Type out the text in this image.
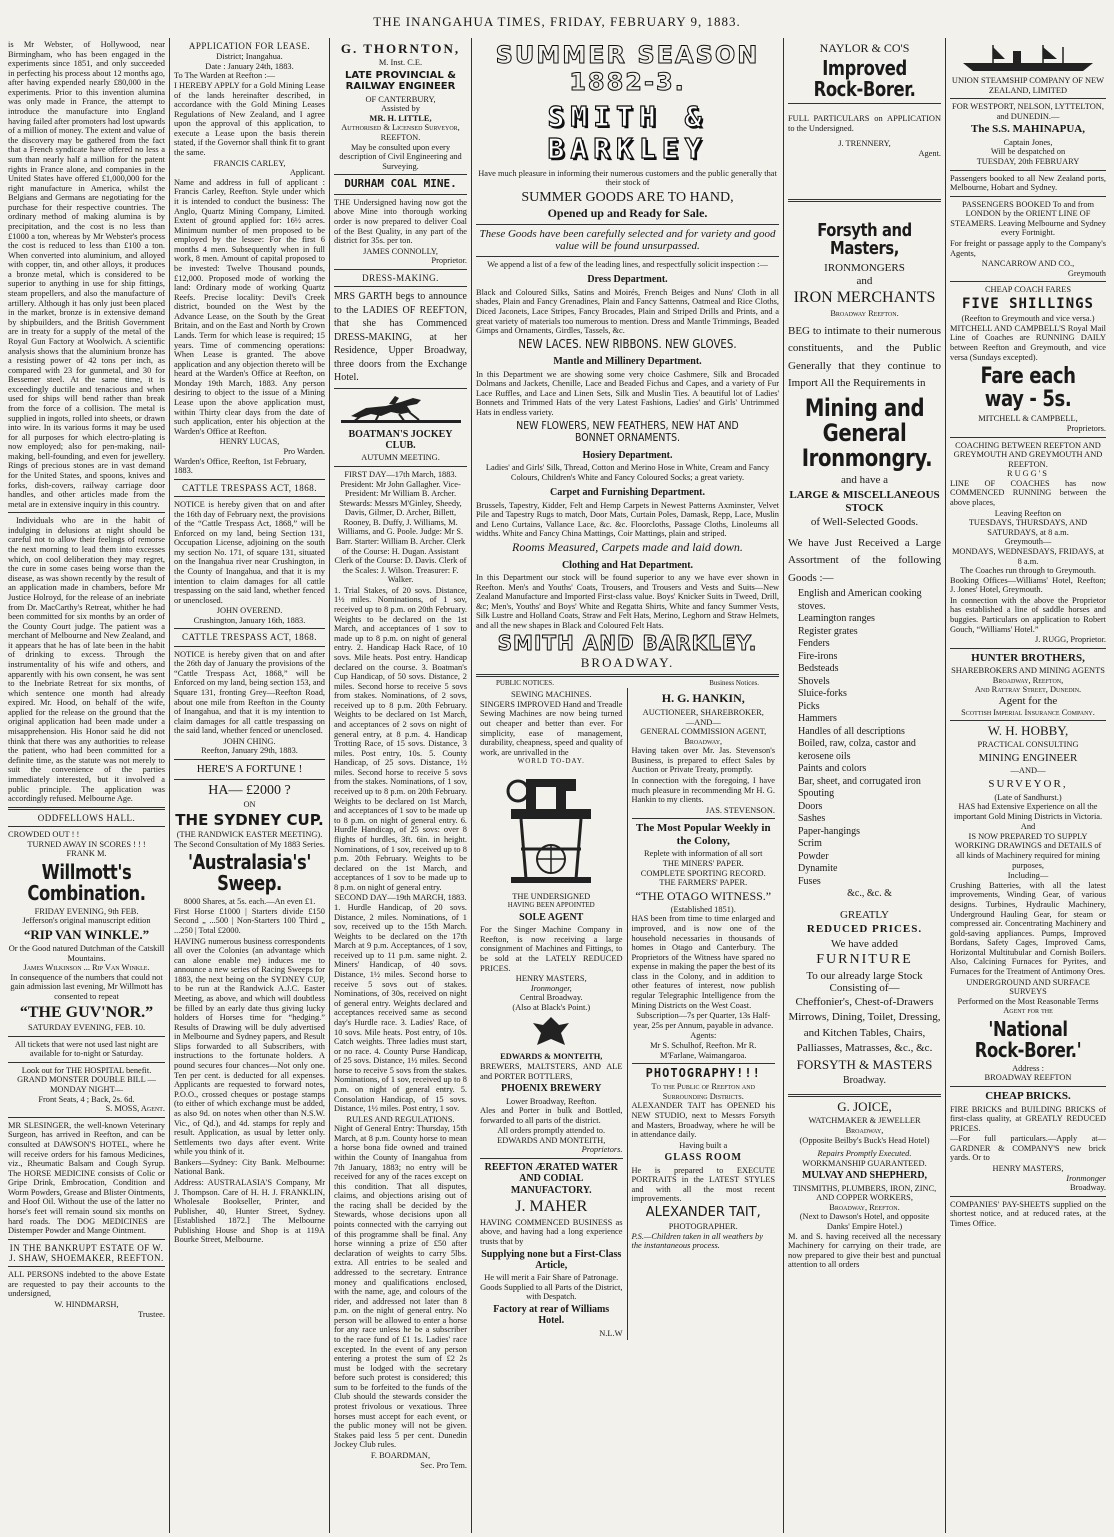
THE INANGAHUA TIMES, FRIDAY, FEBRUARY 9, 1883.

is Mr Webster, of Hollywood, near Birmingham, who has been engaged in the experiments since 1851, and only succeeded in perfecting his process about 12 months ago, after having expended nearly £80,000 in the experiments. Prior to this invention alumina was only made in France, the attempt to introduce the manufacture into England having failed after promoters had lost upwards of a million of money. The extent and value of the discovery may be gathered from the fact that a French syndicate have offered no less a sum than nearly half a million for the patent rights in France alone, and companies in the United States have offered £1,000,000 for the right manufacture in America, whilst the Belgians and Germans are negotiating for the purchase for their respective countries. The ordinary method of making alumina is by precipitation, and the cost is no less than £1000 a ton, whereas by Mr Webster's process the cost is reduced to less than £100 a ton. When converted into aluminium, and alloyed with copper, tin, and other alloys, it produces a bronze metal, which is considered to be superior to anything in use for ship fittings, steam propellers, and also the manufacture of artillery. Although it has only just been placed in the market, bronze is in extensive demand by shipbuilders, and the British Government are in treaty for a supply of the metal of the Royal Gun Factory at Woolwich. A scientific analysis shows that the aluminium bronze has a resisting power of 42 tons per inch, as compared with 23 for gunmetal, and 30 for Bessemer steel. At the same time, it is exceedingly ductile and tenacious and when used for ships will bend rather than break from the force of a collision. The metal is supplied in ingots, rolled into sheets, or drawn into wire. In its various forms it may be used for all purposes for which electro-plating is now employed; also for pen-making, nail-making, bell-founding, and even for jewellery. Rings of precious stones are in vast demand for the United States, and spoons, knives and forks, dish-covers, railway carriage door handles, and other articles made from the metal are in extensive inquiry in this country.

Individuals who are in the habit of indulging in delusions at night should be careful not to allow their feelings of remorse the next morning to lead them into excesses which, on cool deliberation they may regret, the cure in some cases being worse than the disease, as was shown recently by the result of an application made in chambers, before Mr Justice Holroyd, for the release of an inebriate from Dr. MacCarthy's Retreat, whither he had been committed for six months by an order of the County Court judge. The patient was a merchant of Melbourne and New Zealand, and it appears that he has of late been in the habit of drinking to excess. Through the instrumentality of his wife and others, and apparently with his own consent, he was sent to the Inebriate Retreat for six months, of which sentence one month had already expired. Mr. Hood, on behalf of the wife, applied for the release on the ground that the original application had been made under a misapprehension. His Honor said he did not think that there was any authorities to release the patient, who had been committed for a definite time, as the statute was not merely to suit the convenience of the parties immediately interested, but it involved a public principle. The application was accordingly refused. Melbourne Age.

ODDFELLOWS HALL.
CROWDED OUT ! !
TURNED AWAY IN SCORES ! ! !
FRANK M.
Willmott's Combination.
FRIDAY EVENING, 9th FEB.
Jefferson's original manuscript edition
“RIP VAN WINKLE.”
Or the Good natured Dutchman of the Catskill Mountains.
James Wilkinson ... Rip Van Winkle.

In consequence of the numbers that could not gain admission last evening, Mr Willmott has consented to repeat

“THE GUV'NOR.”
SATURDAY EVENING, FEB. 10.

All tickets that were not used last night are available for to-night or Saturday.

Look out for THE HOSPITAL benefit.
GRAND MONSTER DOUBLE BILL —MONDAY NIGHT—
Front Seats, 4 ; Back, 2s. 6d.
S. MOSS, Agent.

MR SLESINGER, the well-known Veterinary Surgeon, has arrived in Reefton, and can be consulted at DAWSON'S HOTEL, where he will receive orders for his famous Medicines, viz., Rheumatic Balsam and Cough Syrup. The HORSE MEDICINE consists of Colic or Gripe Drink, Embrocation, Condition and Worm Powders, Grease and Blister Ointments, and Hoof Oil. Without the use of the latter no horse's feet will remain sound six months on hard roads. The DOG MEDICINES are Distemper Powder and Mange Ointment.

IN THE BANKRUPT ESTATE OF W. J. SHAW, SHOEMAKER, REEFTON.

ALL PERSONS indebted to the above Estate are requested to pay their accounts to the undersigned,

W. HINDMARSH,
Trustee.
APPLICATION FOR LEASE.
District; Inangahua.
Date : January 24th, 1883.
To The Warden at Reefton :—

I HEREBY APPLY for a Gold Mining Lease of the lands hereinafter described, in accordance with the Gold Mining Leases Regulations of New Zealand, and I agree upon the approval of this application, to execute a Lease upon the basis therein stated, if the Governor shall think fit to grant the same.

FRANCIS CARLEY,
Applicant.

Name and address in full of applicant : Francis Carley, Reefton. Style under which it is intended to conduct the business: The Anglo, Quartz Mining Company, Limited. Extent of ground applied for: 16½ acres. Minimum number of men proposed to be employed by the lessee: For the first 6 months 4 men. Subsequently when in full work, 8 men. Amount of capital proposed to be invested: Twelve Thousand pounds, £12,000. Proposed mode of working the land: Ordinary mode of working Quartz Reefs. Precise locality: Devil's Creek district, bounded on the West by the Advance Lease, on the South by the Great Britain, and on the East and North by Crown Lands. Term for which lease is required; 15 years. Time of commencing operations: When Lease is granted. The above application and any objection thereto will be heard at the Warden's Office at Reefton, on Monday 19th March, 1883. Any person desiring to object to the issue of a Mining Lease upon the above application must, within Thirty clear days from the date of such application, enter his objection at the Warden's Office at Reefton.

HENRY LUCAS,
Pro Warden.
Warden's Office, Reefton, 1st February, 1883.
CATTLE TRESPASS ACT, 1868.

NOTICE is hereby given that on and after the 16th day of February next, the provisions of the “Cattle Trespass Act, 1868,” will be Enforced on my land, being Section 131, Occupation License, adjoining on the south my section No. 171, of square 131, situated on the Inangahua river near Crushington, in the County of Inangahua, and that it is my intention to claim damages for all cattle trespassing on the said land, whether fenced or unenclosed.

JOHN OVEREND.
Crushington, January 16th, 1883.
CATTLE TRESPASS ACT, 1868.

NOTICE is hereby given that on and after the 26th day of January the provisions of the “Cattle Trespass Act, 1868,” will be Enforced on my land, being section 153, and Square 131, fronting Grey—Reefton Road, about one mile from Reefton in the County of Inangahua, and that it is my intention to claim damages for all cattle trespassing on the said land, whether fenced or unenclosed.

JOHN CHING.
Reefton, January 29th, 1883.
HERE'S A FORTUNE !
HA— £2000 ?
ON
THE SYDNEY CUP.
(THE RANDWICK EASTER MEETING).
The Second Consultation of My 1883 Series.
'Australasia's' Sweep.
8000 Shares, at 5s. each.—An even £1.

First Horse £1000 | Starters divide £150 Second „ ...500 | Non-Starters 100 Third „ ...250 | Total £2000.

HAVING numerous business correspondents all over the Colonies (an advantage which can alone enable me) induces me to announce a new series of Racing Sweeps for 1883, the next being on the SYDNEY CUP, to be run at the Randwick A.J.C. Easter Meeting, as above, and which will doubtless be filled by an early date thus giving lucky holders of Horses time for “hedging.” Results of Drawing will be duly advertised in Melbourne and Sydney papers, and Result Slips forwarded to all Subscribers, with instructions to the fortunate holders. A pound secures four chances—Not only one. Ten per cent. is deducted for all expenses. Applicants are requested to forward notes, P.O.O., crossed cheques or postage stamps (to either of which exchange must be added, as also 9d. on notes when other than N.S.W. Vic., of Qd.), and 4d. stamps for reply and result. Application, as usual by letter only. Settlements two days after event. Write while you think of it.

Bankers—Sydney: City Bank. Melbourne: National Bank.

Address: AUSTRALASIA'S Company, Mr J. Thompson. Care of H. H. J. FRANKLIN, Wholesale Bookseller, Printer, and Publisher, 40, Hunter Street, Sydney. [Established 1872.] The Melbourne Publishing House and Shop is at 119A Bourke Street, Melbourne.

G. THORNTON,
M. Inst. C.E.
LATE PROVINCIAL & RAILWAY ENGINEER
OF CANTERBURY,
Assisted by
MR. H. LITTLE,
Authorised & Licensed Surveyor,
REEFTON.

May be consulted upon every description of Civil Engineering and Surveying.

DURHAM COAL MINE.

THE Undersigned having now got the above Mine into thorough working order is now prepared to deliver Coal of the Best Quality, in any part of the district for 35s. per ton.

JAMES CONNOLLY,
Proprietor.
DRESS-MAKING.

MRS GARTH begs to announce to the LADIES OF REEFTON, that she has Commenced DRESS-MAKING, at her Residence, Upper Broadway, three doors from the Exchange Hotel.

BOATMAN'S JOCKEY CLUB.
AUTUMN MEETING.
FIRST DAY—17th March, 1883.

President: Mr John Gallagher. Vice-President: Mr William B. Archer. Stewards: Messrs M'Ginley, Sheedy, Davis, Gilmer, D. Archer, Billett, Rooney, B. Duffy, J. Williams, M. Williams, and G. Poole. Judge: Mr S. Barr. Starter: William B. Archer. Clerk of the Course: H. Dugan. Assistant Clerk of the Course: D. Davis. Clerk of the Scales: J. Wilson. Treasurer: F. Walker.

1. Trial Stakes, of 20 sovs. Distance, 1½ miles. Nominations, of 1 sov, received up to 8 p.m. on 20th February. Weights to be declared on the 1st March, and acceptances of 1 sov to made up to 8 p.m. on night of general entry. 2. Handicap Hack Race, of 10 sovs. Mile heats. Post entry. Handicap declared on the course. 3. Boatman's Cup Handicap, of 50 sovs. Distance, 2 miles. Second horse to receive 5 sovs from stakes. Nominations, of 2 sovs, received up to 8 p.m. 20th February. Weights to be declared on 1st March, and acceptances of 2 sovs on night of general entry, at 8 p.m. 4. Handicap Trotting Race, of 15 sovs. Distance, 3 miles. Post entry, 10s. 5. County Handicap, of 25 sovs. Distance, 1½ miles. Second horse to receive 5 sovs from the stakes. Nominations, of 1 sov, received up to 8 p.m. on 20th February. Weights to be declared on 1st March, and acceptances of 1 sov to be made up to 8 p.m. on night of general entry. 6. Hurdle Handicap, of 25 sovs: over 8 flights of hurdles, 3ft. 6in. in height. Nominations, of 1 sov, received up to 8 p.m. 20th February. Weights to be declared on the 1st March, and acceptances of 1 sov to be made up to 8 p.m. on night of general entry.

SECOND DAY—19th MARCH, 1883.

1. Hurdle Handicap, of 20 sovs. Distance, 2 miles. Nominations, of 1 sov, received up to the 15th March. Weights to be declared on the 17th March at 9 p.m. Acceptances, of 1 sov, received up to 11 p.m. same night. 2. Miners' Handicap, of 40 sovs. Distance, 1½ miles. Second horse to receive 5 sovs out of stakes. Nominations, of 30s, received on night of general entry. Weights declared and acceptances received same as second day's Hurdle race. 3. Ladies' Race, of 10 sovs. Mile heats. Post entry, of 10s. Catch weights. Three ladies must start, or no race. 4. County Purse Handicap, of 25 sovs. Distance, 1½ miles. Second horse to receive 5 sovs from the stakes. Nominations, of 1 sov, received up to 8 p.m. on night of general entry. 5. Consolation Handicap, of 15 sovs. Distance, 1½ miles. Post entry, 1 sov.

RULES AND REGULATIONS.

Night of General Entry: Thursday, 15th March, at 8 p.m. County horse to mean a horse bona fide owned and trained within the County of Inangahua from 7th January, 1883; no entry will be received for any of the races except on this condition. That all disputes, claims, and objections arising out of the racing shall be decided by the Stewards, whose decisions upon all points connected with the carrying out of this programme shall be final. Any horse winning a prize of £50 after declaration of weights to carry 5lbs. extra. All entries to be sealed and addressed to the secretary. Entrance money and qualifications enclosed, with the name, age, and colours of the rider, and addressed not later than 8 p.m. on the night of general entry. No person will be allowed to enter a horse for any race unless he be a subscriber to the race fund of £1 1s. Ladies' race excepted. In the event of any person entering a protest the sum of £2 2s must be lodged with the secretary before such protest is considered; this sum to be forfeited to the funds of the Club should the stewards consider the protest frivolous or vexatious. Three horses must accept for each event, or the public money will not be given. Stakes paid less 5 per cent. Dunedin Jockey Club rules.

F. BOARDMAN,
Sec. Pro Tem.
SUMMER SEASON 1882-3.
SMITH & BARKLEY

Have much pleasure in informing their numerous customers and the public generally that their stock of

SUMMER GOODS ARE TO HAND,
Opened up and Ready for Sale.

These Goods have been carefully selected and for variety and good value will be found unsurpassed.

We append a list of a few of the leading lines, and respectfully solicit inspection :—
Dress Department.

Black and Coloured Silks, Satins and Moirés, French Beiges and Nuns' Cloth in all shades, Plain and Fancy Grenadines, Plain and Fancy Sattenns, Oatmeal and Rice Cloths, Diced Jaconets, Lace Stripes, Fancy Brocades, Plain and Striped Drills and Prints, and a great variety of materials too numerous to mention. Dress and Mantle Trimmings, Beaded Gimps and Ornaments, Girdles, Tassels, &c.

NEW LACES. NEW RIBBONS. NEW GLOVES.
Mantle and Millinery Department.

In this Department we are showing some very choice Cashmere, Silk and Brocaded Dolmans and Jackets, Chenille, Lace and Beaded Fichus and Capes, and a variety of Fur Lace Ruffles, and Lace and Linen Sets, Silk and Muslin Ties. A beautiful lot of Ladies' Bonnets and Trimmed Hats of the very Latest Fashions, Ladies' and Girls' Untrimmed Hats in endless variety.

NEW FLOWERS, NEW FEATHERS, NEW HAT AND BONNET ORNAMENTS.
Hosiery Department.

Ladies' and Girls' Silk, Thread, Cotton and Merino Hose in White, Cream and Fancy Colours, Children's White and Fancy Coloured Socks; a great variety.

Carpet and Furnishing Department.

Brussels, Tapestry, Kidder, Felt and Hemp Carpets in Newest Patterns Axminster, Velvet Pile and Tapestry Rugs to match, Door Mats, Curtain Poles, Damask, Repp, Lace, Muslin and Leno Curtains, Vallance Lace, &c. &c. Floorcloths, Passage Cloths, Linoleums all widths. White and Fancy China Mattings, Coir Mattings, plain and striped.

Rooms Measured, Carpets made and laid down.
Clothing and Hat Department.

In this Department our stock will be found superior to any we have ever shown in Reefton. Men's and Youths' Coats, Trousers, and Trousers and Vests and Suits—New Zealand Manufacture and Imported First-class value. Boys' Knicker Suits in Tweed, Drill, &c; Men's, Youths' and Boys' White and Regatta Shirts, White and fancy Summer Vests, Silk Lustre and Holland Coats, Straw and Felt Hats, Merino, Leghorn and Straw Helmets, and all the new shapes in Black and Coloured Felt Hats.

SMITH AND BARKLEY.
BROADWAY.
PUBLIC NOTICES.	Business Notices.
SEWING MACHINES.

SINGERS IMPROVED Hand and Treadle Sewing Machines are now being turned out cheaper and better than ever. For simplicity, ease of management, durability, cheapness, speed and quality of work, are unrivalled in the

WORLD TO-DAY.
THE UNDERSIGNED
HAVING BEEN APPOINTED
SOLE AGENT

For the Singer Machine Company in Reefton, is now receiving a large consignment of Machines and Fittings, to be sold at the LATELY REDUCED PRICES.

HENRY MASTERS,
Ironmonger,
Central Broadway.
(Also at Black's Point.)
EDWARDS & MONTEITH,

BREWERS, MALTSTERS, AND ALE and PORTER BOTTLERS,

PHOENIX BREWERY
Lower Broadway, Reefton.

Ales and Porter in bulk and Bottled, forwarded to all parts of the district.

All orders promptly attended to.
EDWARDS AND MONTEITH,
Proprietors.
REEFTON ÆRATED WATER AND CODIAL MANUFACTORY.
J. MAHER

HAVING COMMENCED BUSINESS as above, and having had a long experience trusts that by

Supplying none but a First-Class Article,
He will merit a Fair Share of Patronage.

Goods Supplied to all Parts of the District, with Despatch.

Factory at rear of Williams Hotel.
N.L.W
H. G. HANKIN,
AUCTIONEER, SHAREBROKER,
—AND—
GENERAL COMMISSION AGENT,
Broadway,

Having taken over Mr. Jas. Stevenson's Business, is prepared to effect Sales by Auction or Private Treaty, promptly.

In connection with the foregoing, I have much pleasure in recommending Mr H. G. Hankin to my clients.

JAS. STEVENSON.
The Most Popular Weekly in the Colony,
Replete with information of all sort
THE MINERS' PAPER.
COMPLETE SPORTING RECORD.
THE FARMERS' PAPER.
“THE OTAGO WITNESS.”
(Established 1851).

HAS been from time to time enlarged and improved, and is now one of the household necessaries in thousands of homes in Otago and Canterbury. The Proprietors of the Witness have spared no expense in making the paper the best of its class in the Colony, and in addition to other features of interest, now publish regular Telegraphic Intelligence from the Mining Districts on the West Coast.

Subscription—7s per Quarter, 13s Half-year, 25s per Annum, payable in advance.

Agents:

Mr S. Schulhof, Reefton. Mr R. M'Farlane, Waimangaroa.

PHOTOGRAPHY!!!
To the Public of Reefton and Surrounding Districts.

ALEXANDER TAIT has OPENED his NEW STUDIO, next to Messrs Forsyth and Masters, Broadway, where he will be in attendance daily.

Having built a
GLASS ROOM

He is prepared to EXECUTE PORTRAITS in the LATEST STYLES and with all the most recent improvements.

ALEXANDER TAIT,
PHOTOGRAPHER.
P.S.—Children taken in all weathers by the instantaneous process.
NAYLOR & CO'S
Improved Rock-Borer.

FULL PARTICULARS on APPLICATION to the Undersigned.

J. TRENNERY,
Agent.
Forsyth and Masters,
IRONMONGERS
and
IRON MERCHANTS
Broadway Reefton.

BEG to intimate to their numerous constituents, and the Public Generally that they continue to Import All the Requirements in

Mining and General Ironmongry.
and have a
LARGE & MISCELLANEOUS STOCK
of Well-Selected Goods.

We have Just Received a Large Assortment of the following Goods :—

English and American cooking stoves.
Leamington ranges
Register grates
Fenders
Fire-irons
Bedsteads
Shovels
Sluice-forks
Picks
Hammers
Handles of all descriptions
Boiled, raw, colza, castor and kerosene oils
Paints and colors
Bar, sheet, and corrugated iron
Spouting
Doors
Sashes
Paper-hangings
Scrim
Powder
Dynamite
Fuses
&c., &c. &
GREATLY
REDUCED PRICES.
We have added
FURNITURE
To our already large Stock Consisting of—

Cheffonier's, Chest-of-Drawers Mirrows, Dining, Toilet, Dressing, and Kitchen Tables, Chairs, Palliasses, Matrasses, &c., &c.

FORSYTH & MASTERS
Broadway.
G. JOICE,
WATCHMAKER & JEWELLER
Broadway,
(Opposite Beilby's Buck's Head Hotel)
Repairs Promptly Executed.
WORKMANSHIP GUARANTEED.
MULVAY AND SHEPHERD,
TINSMITHS, PLUMBERS, IRON, ZINC, AND COPPER WORKERS,
Broadway, Reefton.
(Next to Dawson's Hotel, and opposite Danks' Empire Hotel.)

M. and S. having received all the necessary Machinery for carrying on their trade, are now prepared to give their best and punctual attention to all orders

UNION STEAMSHIP COMPANY OF NEW ZEALAND, LIMITED
FOR WESTPORT, NELSON, LYTTELTON, and DUNEDIN.—
The S.S. MAHINAPUA,
Captain Jones,
Will be despatched on
TUESDAY, 20th FEBRUARY

Passengers booked to all New Zealand ports, Melbourne, Hobart and Sydney.

PASSENGERS BOOKED To and from LONDON by the ORIENT LINE OF STEAMERS. Leaving Melbourne and Sydney every Fortnight.

For freight or passage apply to the Company's Agents,

NANCARROW AND CO.,
Greymouth
CHEAP COACH FARES
FIVE SHILLINGS
(Reefton to Greymouth and vice versa.)

MITCHELL AND CAMPBELL'S Royal Mail Line of Coaches are RUNNING DAILY between Reefton and Greymouth, and vice versa (Sundays excepted).

Fare each way - 5s.
MITCHELL & CAMPBELL,
Proprietors.
COACHING BETWEEN REEFTON AND GREYMOUTH AND GREYMOUTH AND REEFTON.
RUGG'S

LINE OF COACHES has now COMMENCED RUNNING between the above places,

Leaving Reefton on
TUESDAYS, THURSDAYS, AND SATURDAYS, at 8 a.m.
Greymouth—
MONDAYS, WEDNESDAYS, FRIDAYS, at 8 a.m.
The Coaches run through to Greymouth.

Booking Offices—Williams' Hotel, Reefton; J. Jones' Hotel, Greymouth.

In connection with the above the Proprietor has established a line of saddle horses and buggies. Particulars on application to Robert Gouch, “Williams' Hotel.”

J. RUGG, Proprietor.
HUNTER BROTHERS,
SHAREBROKERS AND MINING AGENTS
Broadway, Reefton,
And Rattray Street, Dunedin.
Agent for the
Scottish Imperial Insurance Company.
W. H. HOBBY,
PRACTICAL CONSULTING
MINING ENGINEER
—AND—
SURVEYOR,
(Late of Sandhurst.)

HAS had Extensive Experience on all the important Gold Mining Districts in Victoria.

And

IS NOW PREPARED TO SUPPLY WORKING DRAWINGS and DETAILS of all kinds of Machinery required for mining purposes,

Including—

Crushing Batteries, with all the latest improvements, Winding Gear, of various designs. Turbines, Hydraulic Machinery, Underground Hauling Gear, for steam or compressed air. Concentrating Machinery and gold-saving appliances. Pumps, Improved Bordans, Safety Cages, Improved Cams, Horizontal Multitubular and Cornish Boilers. Also, Calcining Furnaces for Pyrites, and Furnaces for the Treatment of Antimony Ores.

UNDERGROUND AND SURFACE SURVEYS
Performed on the Most Reasonable Terms
Agent for the
'National Rock-Borer.'
Address :
BROADWAY REEFTON
CHEAP BRICKS.

FIRE BRICKS and BUILDING BRICKS of first-class quality, at GREATLY REDUCED PRICES.

—For full particulars.—Apply at— GARDNER & COMPANY'S new brick yards. Or to

HENRY MASTERS,
Ironmonger
Broadway.

COMPANIES' PAY-SHEETS supplied on the shortest notice, and at reduced rates, at the Times Office.
